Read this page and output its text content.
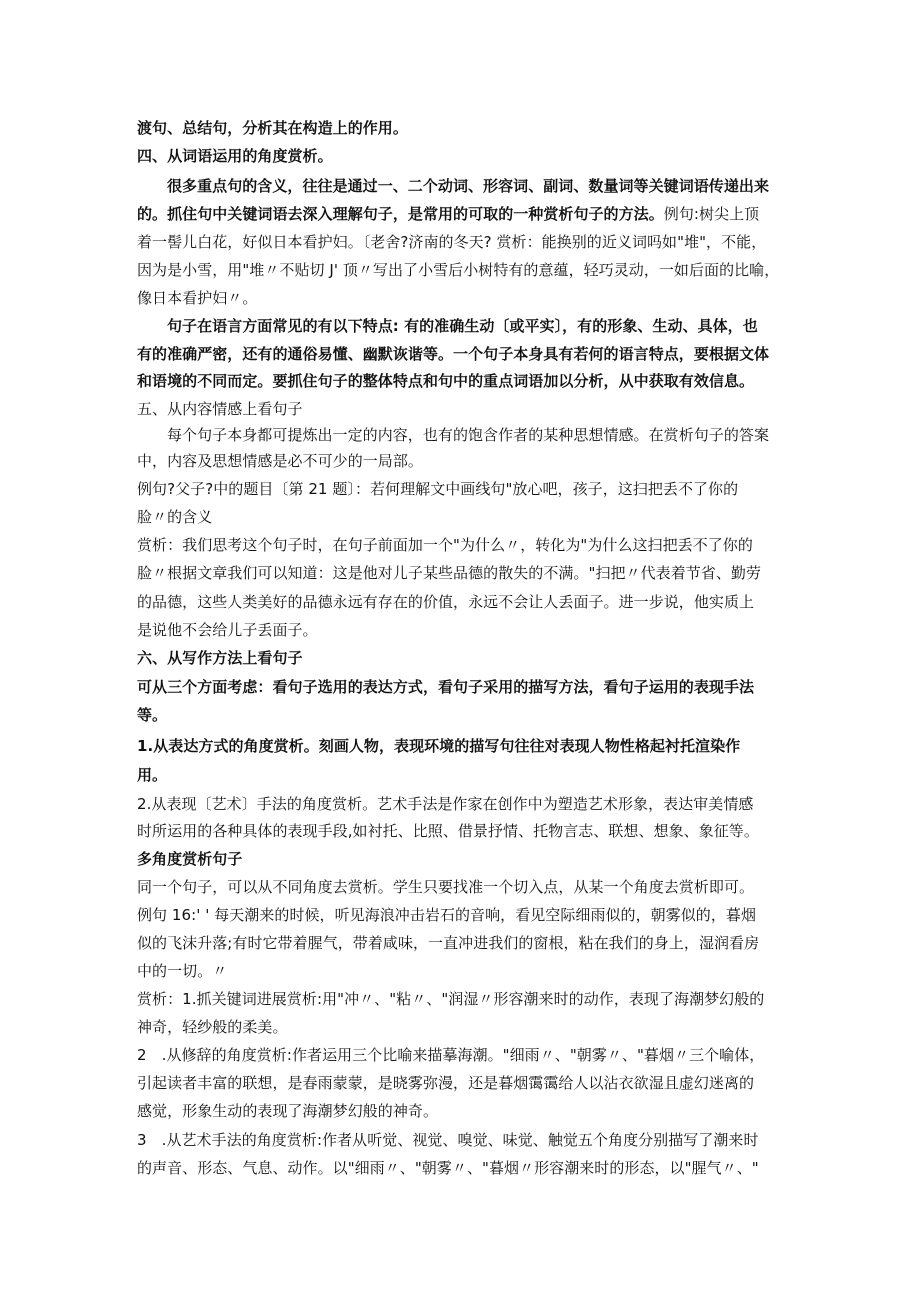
渡句、总结句，分析其在构造上的作用。
四、从词语运用的角度赏析。
很多重点句的含义，往往是通过一、二个动词、形容词、副词、数量词等关键词语传递出来
的。抓住句中关键词语去深入理解句子，是常用的可取的一种赏析句子的方法。例句:树尖上顶
着一髻儿白花，好似日本看护妇。〔老舍?济南的冬天? 赏析：能换别的近义词吗如"堆"，不能，
因为是小雪，用"堆〃不贴切 J' 顶〃写出了小雪后小树特有的意蕴，轻巧灵动，一如后面的比喻，
像日本看护妇〃。
句子在语言方面常见的有以下特点: 有的准确生动〔或平实〕，有的形象、生动、具体，也
有的准确严密，还有的通俗易懂、幽默诙谐等。一个句子本身具有若何的语言特点，要根据文体
和语境的不同而定。要抓住句子的整体特点和句中的重点词语加以分析，从中获取有效信息。
五、从内容情感上看句子
每个句子本身都可提炼出一定的内容，也有的饱含作者的某种思想情感。在赏析句子的答案
中，内容及思想情感是必不可少的一局部。
例句?父子?中的题目〔第 21 题〕：若何理解文中画线句"放心吧，孩子，这扫把丢不了你的
脸〃的含义
赏析：我们思考这个句子时，在句子前面加一个"为什么〃，转化为"为什么这扫把丢不了你的
脸〃根据文章我们可以知道：这是他对儿子某些品德的散失的不满。"扫把〃代表着节省、勤劳
的品德，这些人类美好的品德永远有存在的价值，永远不会让人丢面子。进一步说，他实质上
是说他不会给儿子丢面子。
六、从写作方法上看句子
可从三个方面考虑：看句子选用的表达方式，看句子采用的描写方法，看句子运用的表现手法
等。
1.从表达方式的角度赏析。刻画人物，表现环境的描写句往往对表现人物性格起衬托渲染作
用。
2.从表现〔艺术〕手法的角度赏析。艺术手法是作家在创作中为塑造艺术形象，表达审美情感
时所运用的各种具体的表现手段,如衬托、比照、借景抒情、托物言志、联想、想象、象征等。
多角度赏析句子
同一个句子，可以从不同角度去赏析。学生只要找准一个切入点，从某一个角度去赏析即可。
例句 16:' ' 每天潮来的时候，听见海浪冲击岩石的音响，看见空际细雨似的，朝雾似的，暮烟
似的飞沫升落;有时它带着腥气，带着咸味，一直冲进我们的窗根，粘在我们的身上，湿润看房
中的一切。〃
赏析：1.抓关键词进展赏析:用"冲〃、"粘〃、"润湿〃形容潮来时的动作，表现了海潮梦幻般的
神奇，轻纱般的柔美。
2　.从修辞的角度赏析:作者运用三个比喻来描摹海潮。"细雨〃、"朝雾〃、"暮烟〃三个喻体，
引起读者丰富的联想，是春雨蒙蒙，是晓雾弥漫，还是暮烟霭霭给人以沾衣欲湿且虚幻迷离的
感觉，形象生动的表现了海潮梦幻般的神奇。
3　.从艺术手法的角度赏析:作者从听觉、视觉、嗅觉、味觉、触觉五个角度分别描写了潮来时
的声音、形态、气息、动作。以"细雨〃、"朝雾〃、"暮烟〃形容潮来时的形态，以"腥气〃、"
